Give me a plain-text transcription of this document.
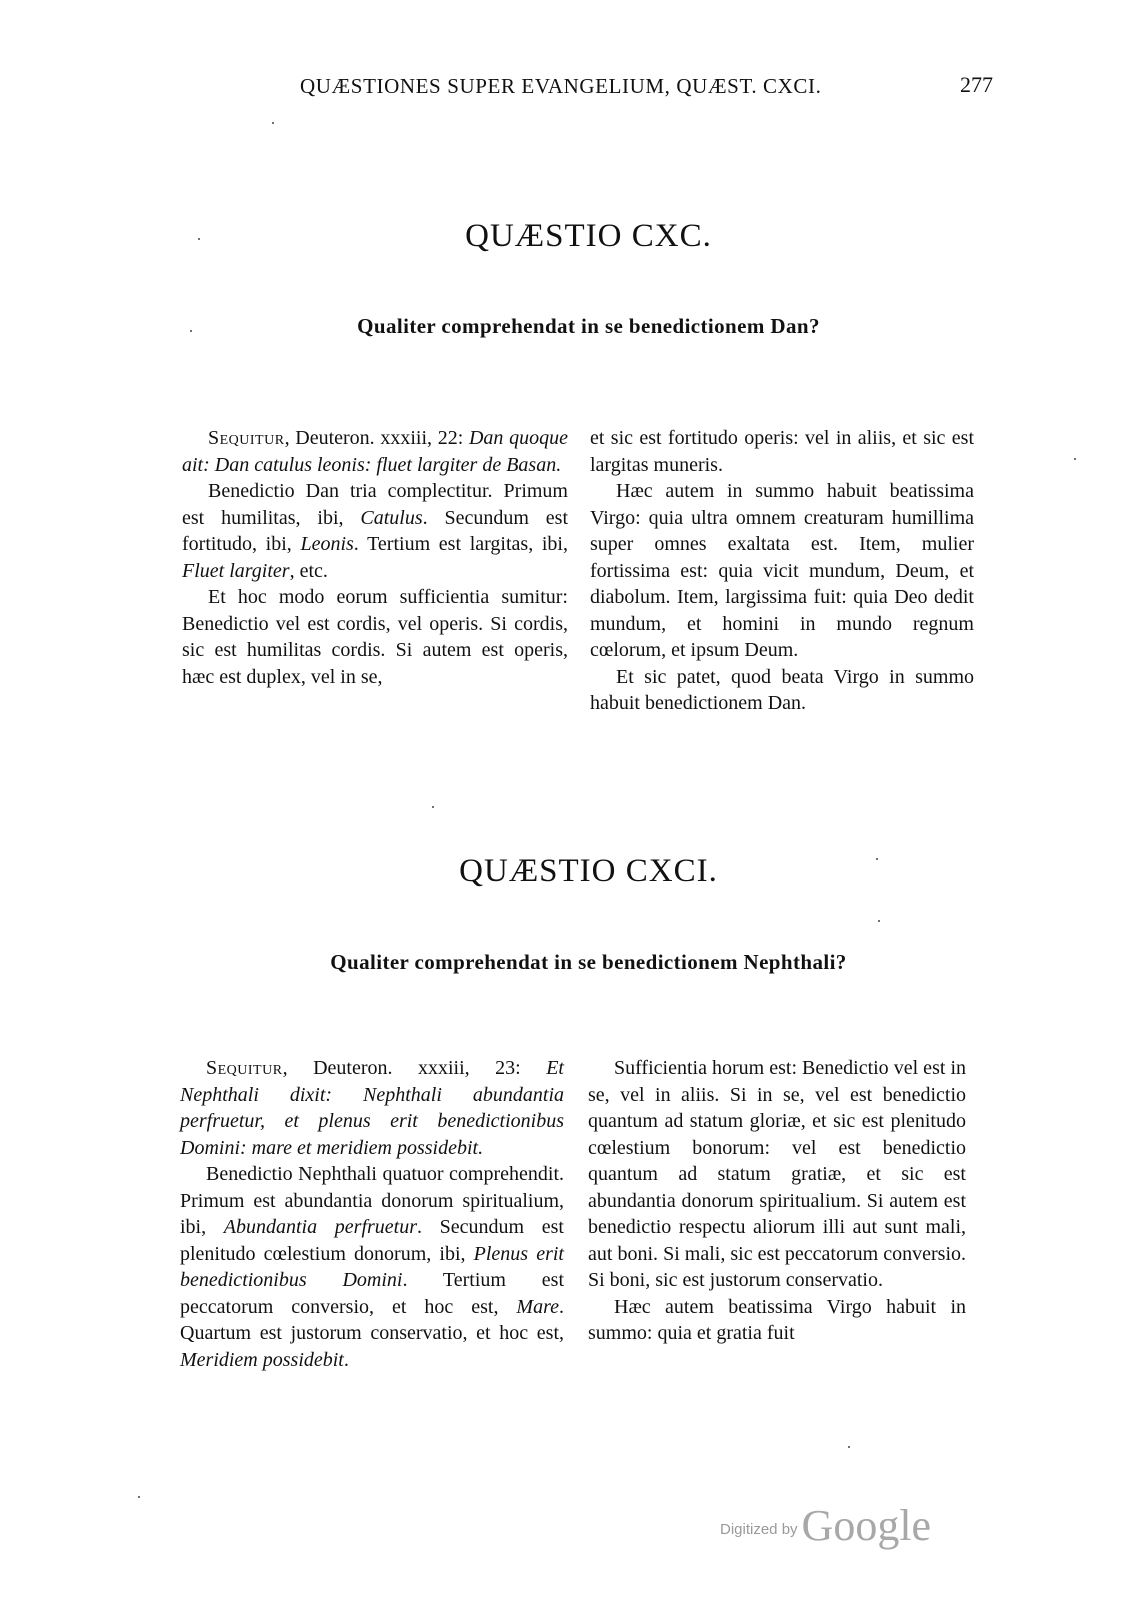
QUÆSTIONES SUPER EVANGELIUM, QUÆST. CXCI.	277
QUÆSTIO CXC.
Qualiter comprehendat in se benedictionem Dan?

Sequitur, Deuteron. xxxiii, 22: Dan quoque ait: Dan catulus leonis: fluet largiter de Basan.

Benedictio Dan tria complectitur. Primum est humilitas, ibi, Catulus. Secundum est fortitudo, ibi, Leonis. Tertium est largitas, ibi, Fluet largiter, etc.

Et hoc modo eorum sufficientia sumitur: Benedictio vel est cordis, vel operis. Si cordis, sic est humilitas cordis. Si autem est operis, hæc est duplex, vel in se,

et sic est fortitudo operis: vel in aliis, et sic est largitas muneris.

Hæc autem in summo habuit beatissima Virgo: quia ultra omnem creaturam humillima super omnes exaltata est. Item, mulier fortissima est: quia vicit mundum, Deum, et diabolum. Item, largissima fuit: quia Deo dedit mundum, et homini in mundo regnum cœlorum, et ipsum Deum.

Et sic patet, quod beata Virgo in summo habuit benedictionem Dan.

QUÆSTIO CXCI.
Qualiter comprehendat in se benedictionem Nephthali?

Sequitur, Deuteron. xxxiii, 23: Et Nephthali dixit: Nephthali abundantia perfruetur, et plenus erit benedictionibus Domini: mare et meridiem possidebit.

Benedictio Nephthali quatuor comprehendit. Primum est abundantia donorum spiritualium, ibi, Abundantia perfruetur. Secundum est plenitudo cœlestium donorum, ibi, Plenus erit benedictionibus Domini. Tertium est peccatorum conversio, et hoc est, Mare. Quartum est justorum conservatio, et hoc est, Meridiem possidebit.

Sufficientia horum est: Benedictio vel est in se, vel in aliis. Si in se, vel est benedictio quantum ad statum gloriæ, et sic est plenitudo cœlestium bonorum: vel est benedictio quantum ad statum gratiæ, et sic est abundantia donorum spiritualium. Si autem est benedictio respectu aliorum illi aut sunt mali, aut boni. Si mali, sic est peccatorum conversio. Si boni, sic est justorum conservatio.

Hæc autem beatissima Virgo habuit in summo: quia et gratia fuit

Digitized byGoogle
